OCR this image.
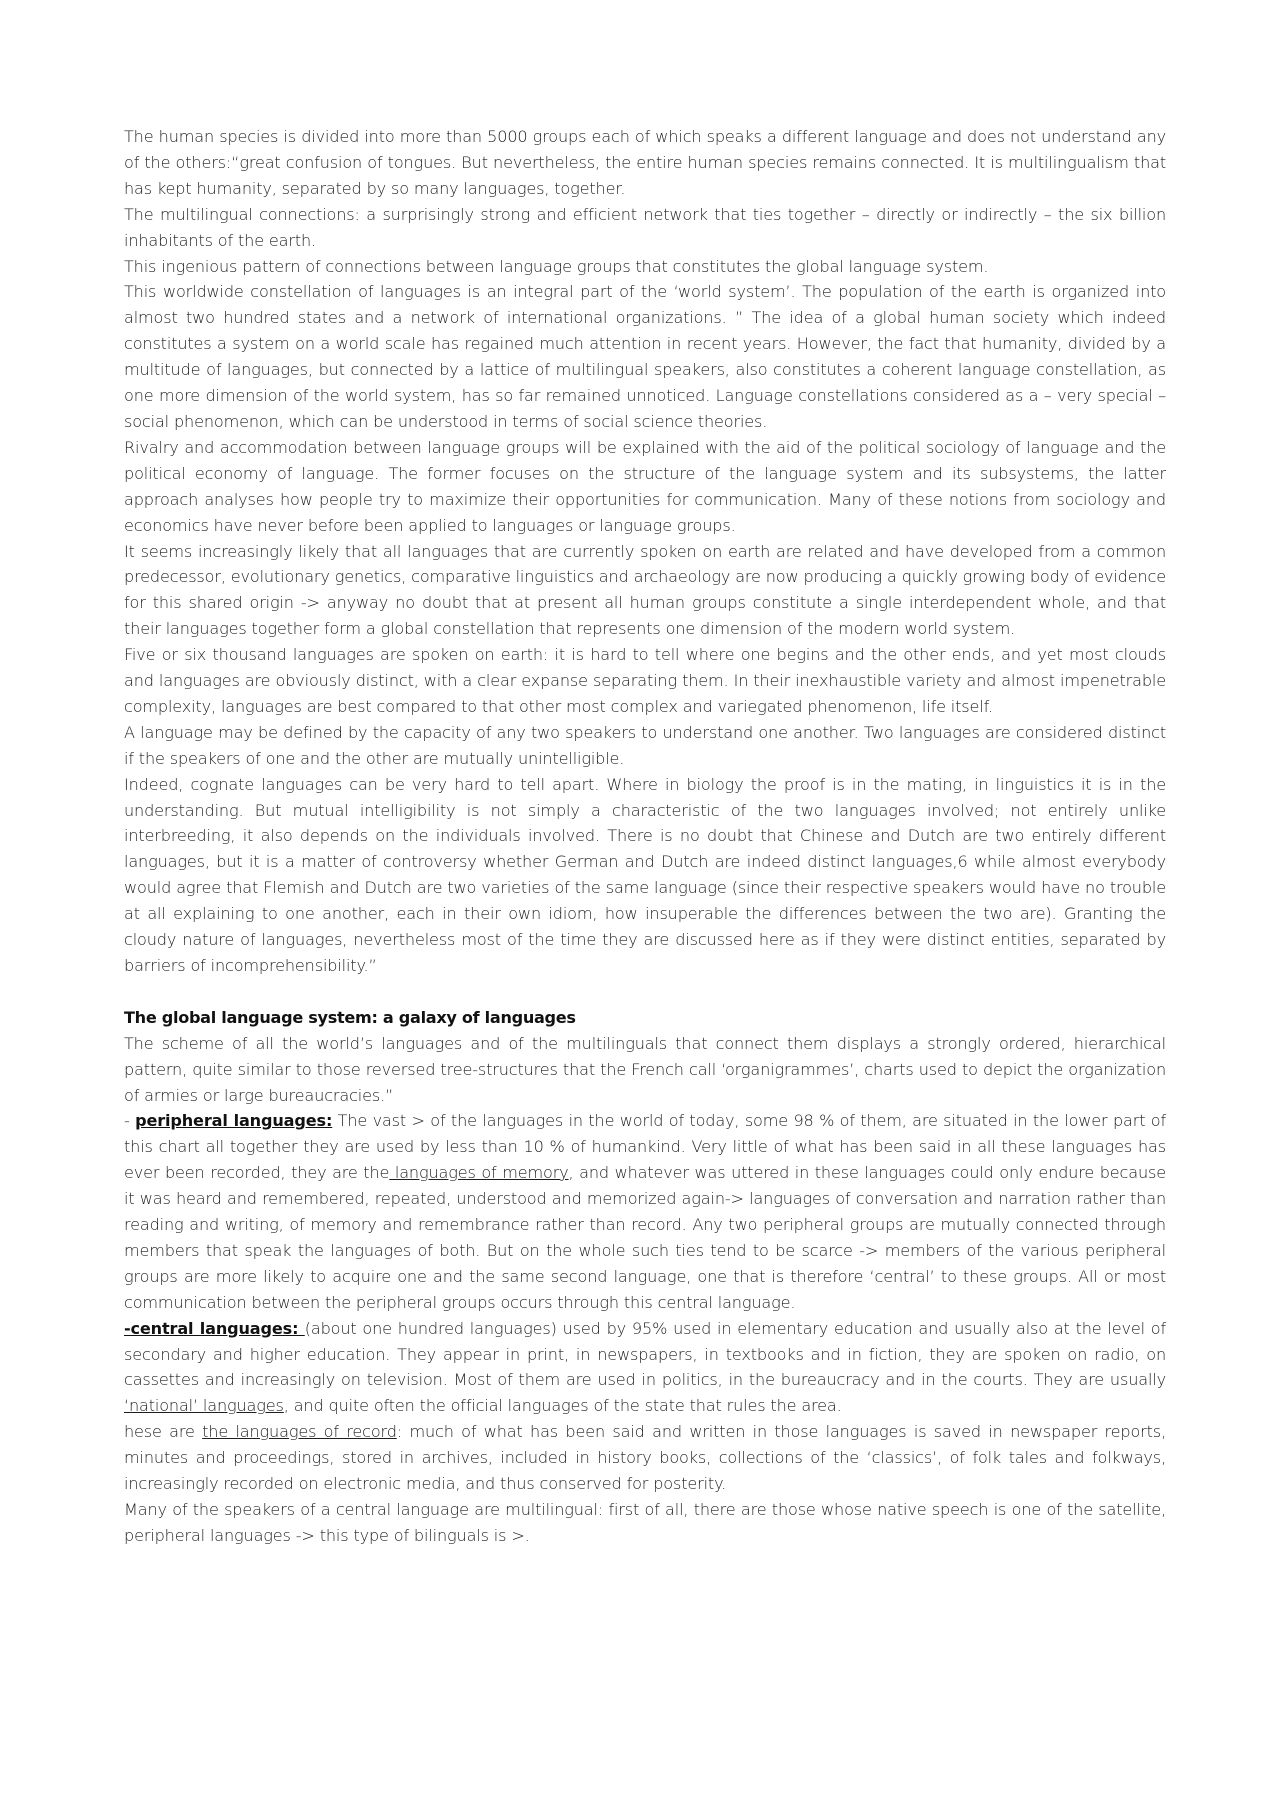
The human species is divided into more than 5000 groups each of which speaks a different language and does not understand any of the others:“great confusion of tongues. But nevertheless, the entire human species remains connected. It is multilingualism that has kept humanity, separated by so many languages, together.

The multilingual connections: a surprisingly strong and efficient network that ties together – directly or indirectly – the six billion inhabitants of the earth.

This ingenious pattern of connections between language groups that constitutes the global language system.

This worldwide constellation of languages is an integral part of the ‘world system’. The population of the earth is organized into almost two hundred states and a network of international organizations. ” The idea of a global human society which indeed constitutes a system on a world scale has regained much attention in recent years. However, the fact that humanity, divided by a multitude of languages, but connected by a lattice of multilingual speakers, also constitutes a coherent language constellation, as one more dimension of the world system, has so far remained unnoticed. Language constellations considered as a – very special – social phenomenon, which can be understood in terms of social science theories.

Rivalry and accommodation between language groups will be explained with the aid of the political sociology of language and the political economy of language. The former focuses on the structure of the language system and its subsystems, the latter approach analyses how people try to maximize their opportunities for communication. Many of these notions from sociology and economics have never before been applied to languages or language groups.

It seems increasingly likely that all languages that are currently spoken on earth are related and have developed from a common predecessor, evolutionary genetics, comparative linguistics and archaeology are now producing a quickly growing body of evidence for this shared origin -> anyway no doubt that at present all human groups constitute a single interdependent whole, and that their languages together form a global constellation that represents one dimension of the modern world system.

Five or six thousand languages are spoken on earth: it is hard to tell where one begins and the other ends, and yet most clouds and languages are obviously distinct, with a clear expanse separating them. In their inexhaustible variety and almost impenetrable complexity, languages are best compared to that other most complex and variegated phenomenon, life itself.

A language may be defined by the capacity of any two speakers to understand one another. Two languages are considered distinct if the speakers of one and the other are mutually unintelligible.

Indeed, cognate languages can be very hard to tell apart. Where in biology the proof is in the mating, in linguistics it is in the understanding. But mutual intelligibility is not simply a characteristic of the two languages involved; not entirely unlike interbreeding, it also depends on the individuals involved. There is no doubt that Chinese and Dutch are two entirely different languages, but it is a matter of controversy whether German and Dutch are indeed distinct languages,6 while almost everybody would agree that Flemish and Dutch are two varieties of the same language (since their respective speakers would have no trouble at all explaining to one another, each in their own idiom, how insuperable the differences between the two are). Granting the cloudy nature of languages, nevertheless most of the time they are discussed here as if they were distinct entities, separated by barriers of incomprehensibility.”

The global language system: a galaxy of languages

The scheme of all the world’s languages and of the multilinguals that connect them displays a strongly ordered, hierarchical pattern, quite similar to those reversed tree-structures that the French call ‘organigrammes’, charts used to depict the organization of armies or large bureaucracies.”

- peripheral languages: The vast > of the languages in the world of today, some 98 % of them, are situated in the lower part of this chart all together they are used by less than 10 % of humankind. Very little of what has been said in all these languages has ever been recorded, they are the languages of memory, and whatever was uttered in these languages could only endure because it was heard and remembered, repeated, understood and memorized again-> languages of conversation and narration rather than reading and writing, of memory and remembrance rather than record. Any two peripheral groups are mutually connected through members that speak the languages of both. But on the whole such ties tend to be scarce -> members of the various peripheral groups are more likely to acquire one and the same second language, one that is therefore ‘central’ to these groups. All or most communication between the peripheral groups occurs through this central language.

-central languages: (about one hundred languages) used by 95% used in elementary education and usually also at the level of secondary and higher education. They appear in print, in newspapers, in textbooks and in fiction, they are spoken on radio, on cassettes and increasingly on television. Most of them are used in politics, in the bureaucracy and in the courts. They are usually ‘national’ languages, and quite often the official languages of the state that rules the area.

hese are the languages of record: much of what has been said and written in those languages is saved in newspaper reports, minutes and proceedings, stored in archives, included in history books, collections of the ‘classics’, of folk tales and folkways, increasingly recorded on electronic media, and thus conserved for posterity.

Many of the speakers of a central language are multilingual: first of all, there are those whose native speech is one of the satellite, peripheral languages -> this type of bilinguals is >.
